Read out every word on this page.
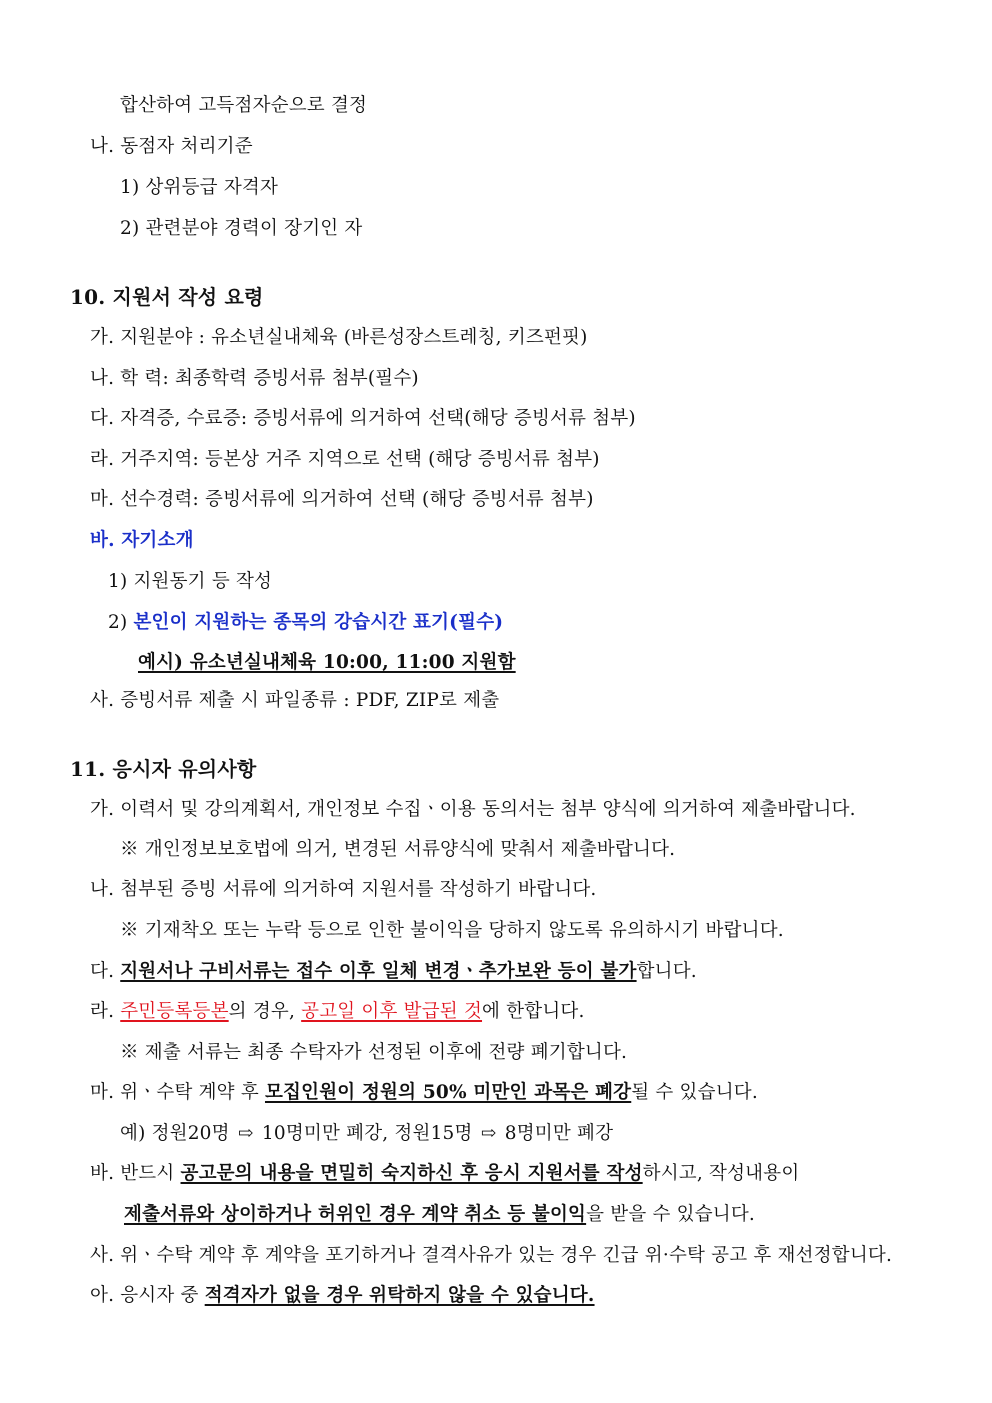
합산하여 고득점자순으로 결정
나. 동점자 처리기준
1) 상위등급 자격자
2) 관련분야 경력이 장기인 자
10. 지원서 작성 요령
가. 지원분야 : 유소년실내체육 (바른성장스트레칭, 키즈펀핏)
나. 학 력: 최종학력 증빙서류 첨부(필수)
다. 자격증, 수료증: 증빙서류에 의거하여 선택(해당 증빙서류 첨부)
라. 거주지역: 등본상 거주 지역으로 선택 (해당 증빙서류 첨부)
마. 선수경력: 증빙서류에 의거하여 선택 (해당 증빙서류 첨부)
바. 자기소개
1) 지원동기 등 작성
2) 본인이 지원하는 종목의 강습시간 표기(필수)
예시) 유소년실내체육 10:00, 11:00 지원함
사. 증빙서류 제출 시 파일종류 : PDF, ZIP로 제출
11. 응시자 유의사항
가. 이력서 및 강의계획서, 개인정보 수집ㆍ이용 동의서는 첨부 양식에 의거하여 제출바랍니다.
※ 개인정보보호법에 의거, 변경된 서류양식에 맞춰서 제출바랍니다.
나. 첨부된 증빙 서류에 의거하여 지원서를 작성하기 바랍니다.
※ 기재착오 또는 누락 등으로 인한 불이익을 당하지 않도록 유의하시기 바랍니다.
다. 지원서나 구비서류는 접수 이후 일체 변경ㆍ추가보완 등이 불가합니다.
라. 주민등록등본의 경우, 공고일 이후 발급된 것에 한합니다.
※ 제출 서류는 최종 수탁자가 선정된 이후에 전량 폐기합니다.
마. 위ㆍ수탁 계약 후 모집인원이 정원의 50% 미만인 과목은 폐강될 수 있습니다.
예) 정원20명 ⇨ 10명미만 폐강, 정원15명 ⇨ 8명미만 폐강
바. 반드시 공고문의 내용을 면밀히 숙지하신 후 응시 지원서를 작성하시고, 작성내용이
제출서류와 상이하거나 허위인 경우 계약 취소 등 불이익을 받을 수 있습니다.
사. 위ㆍ수탁 계약 후 계약을 포기하거나 결격사유가 있는 경우 긴급 위·수탁 공고 후 재선정합니다.
아. 응시자 중 적격자가 없을 경우 위탁하지 않을 수 있습니다.
